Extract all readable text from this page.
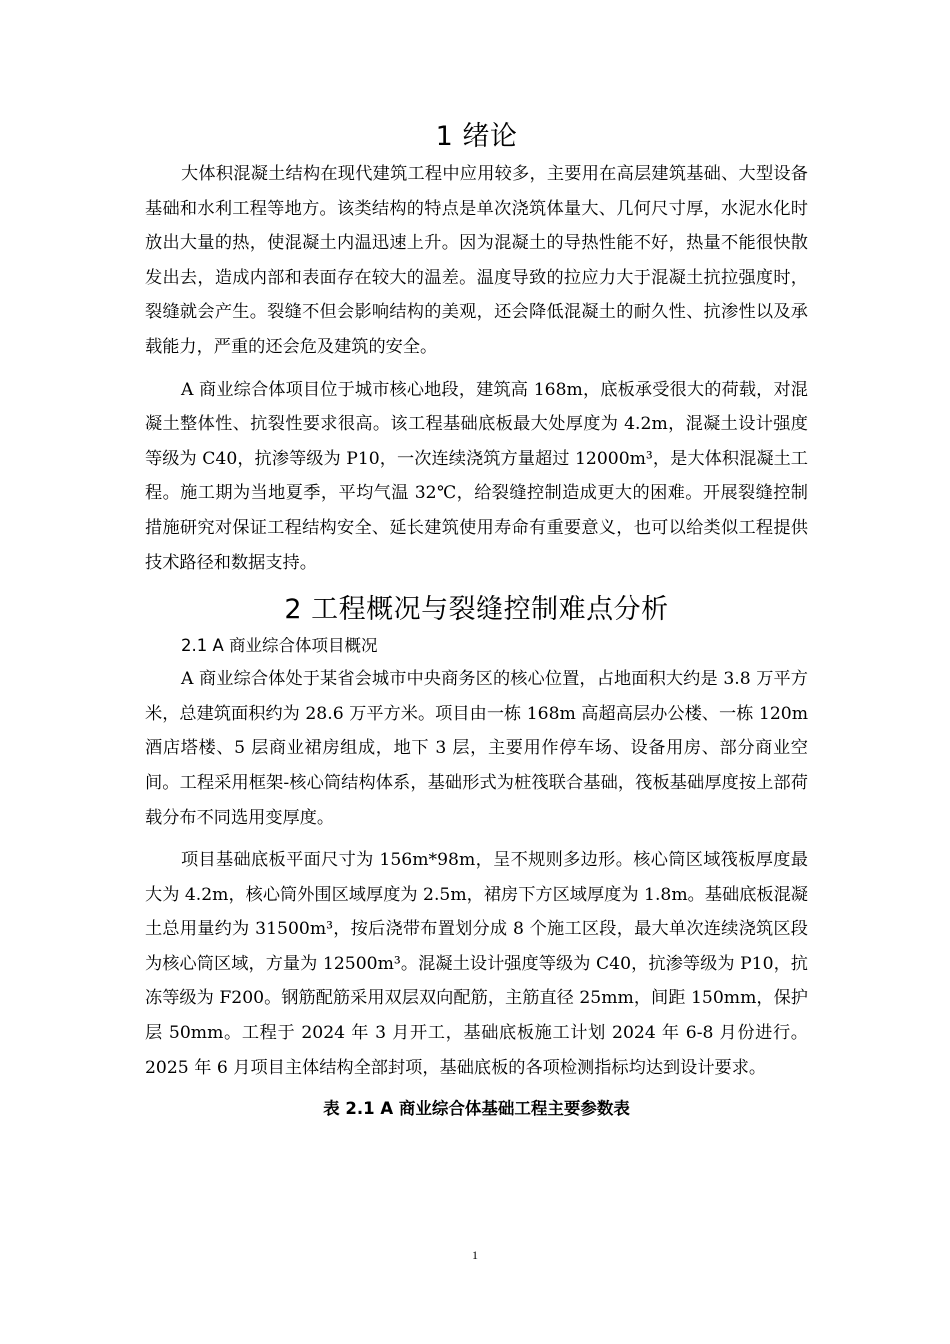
1 绪论

大体积混凝土结构在现代建筑工程中应用较多，主要用在高层建筑基础、大型设备基础和水利工程等地方。该类结构的特点是单次浇筑体量大、几何尺寸厚，水泥水化时放出大量的热，使混凝土内温迅速上升。因为混凝土的导热性能不好，热量不能很快散发出去，造成内部和表面存在较大的温差。温度导致的拉应力大于混凝土抗拉强度时，裂缝就会产生。裂缝不但会影响结构的美观，还会降低混凝土的耐久性、抗渗性以及承载能力，严重的还会危及建筑的安全。

A 商业综合体项目位于城市核心地段，建筑高 168m，底板承受很大的荷载，对混凝土整体性、抗裂性要求很高。该工程基础底板最大处厚度为 4.2m，混凝土设计强度等级为 C40，抗渗等级为 P10，一次连续浇筑方量超过 12000m³，是大体积混凝土工程。施工期为当地夏季，平均气温 32℃，给裂缝控制造成更大的困难。开展裂缝控制措施研究对保证工程结构安全、延长建筑使用寿命有重要意义，也可以给类似工程提供技术路径和数据支持。

2 工程概况与裂缝控制难点分析

2.1 A 商业综合体项目概况

A 商业综合体处于某省会城市中央商务区的核心位置，占地面积大约是 3.8 万平方米，总建筑面积约为 28.6 万平方米。项目由一栋 168m 高超高层办公楼、一栋 120m 酒店塔楼、5 层商业裙房组成，地下 3 层，主要用作停车场、设备用房、部分商业空间。工程采用框架-核心筒结构体系，基础形式为桩筏联合基础，筏板基础厚度按上部荷载分布不同选用变厚度。

项目基础底板平面尺寸为 156m*98m，呈不规则多边形。核心筒区域筏板厚度最大为 4.2m，核心筒外围区域厚度为 2.5m，裙房下方区域厚度为 1.8m。基础底板混凝土总用量约为 31500m³，按后浇带布置划分成 8 个施工区段，最大单次连续浇筑区段为核心筒区域，方量为 12500m³。混凝土设计强度等级为 C40，抗渗等级为 P10，抗冻等级为 F200。钢筋配筋采用双层双向配筋，主筋直径 25mm，间距 150mm，保护层 50mm。工程于 2024 年 3 月开工，基础底板施工计划 2024 年 6-8 月份进行。2025 年 6 月项目主体结构全部封项，基础底板的各项检测指标均达到设计要求。

表 2.1 A 商业综合体基础工程主要参数表

1
